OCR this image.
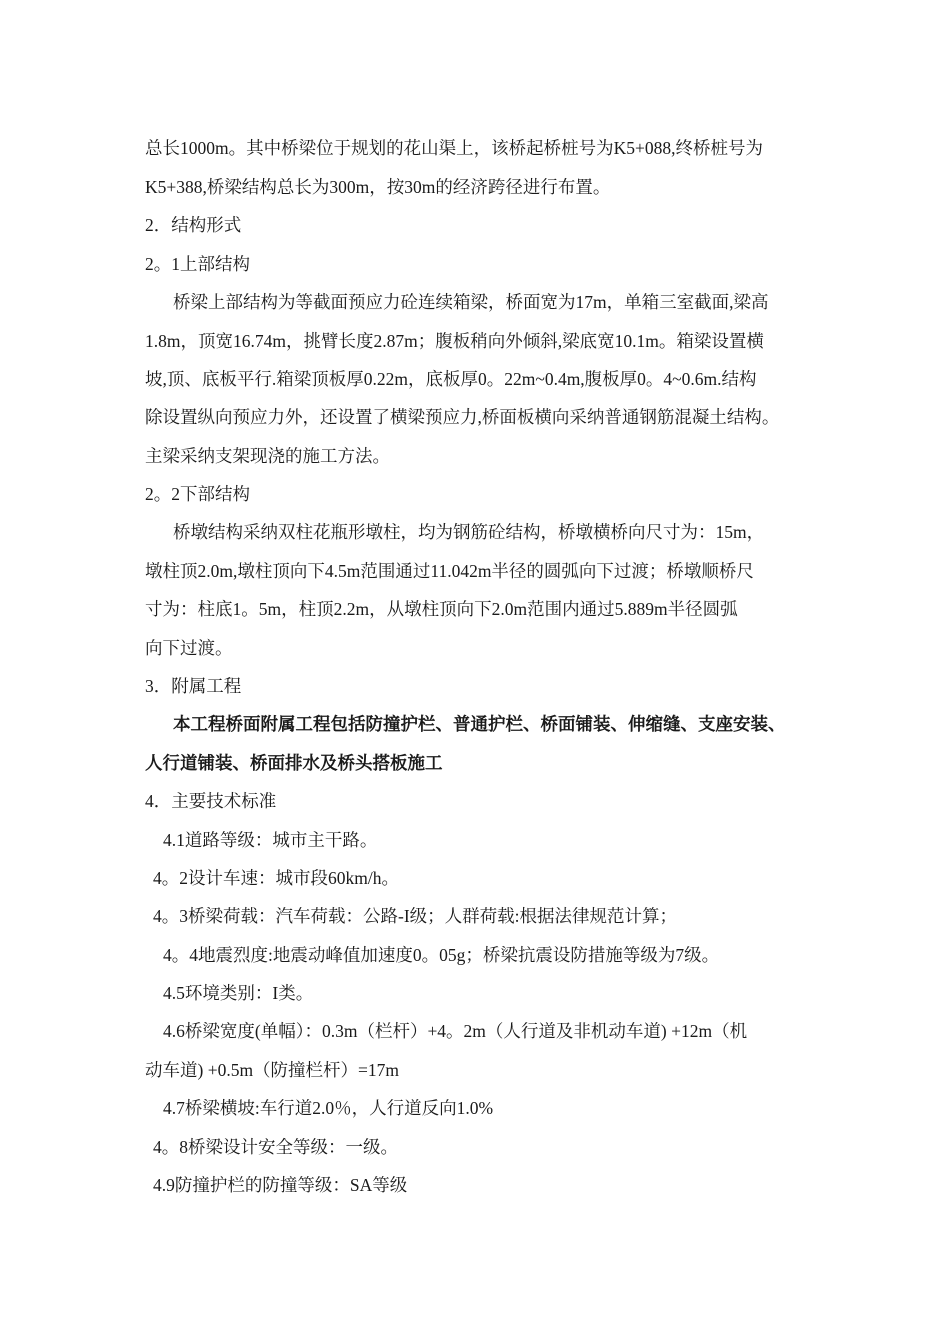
总长1000m。其中桥梁位于规划的花山渠上，该桥起桥桩号为K5+088,终桥桩号为
K5+388,桥梁结构总长为300m，按30m的经济跨径进行布置。
2．结构形式
2。1上部结构
桥梁上部结构为等截面预应力砼连续箱梁，桥面宽为17m，单箱三室截面,梁高
1.8m，顶宽16.74m，挑臂长度2.87m；腹板稍向外倾斜,梁底宽10.1m。箱梁设置横
坡,顶、底板平行.箱梁顶板厚0.22m，底板厚0。22m~0.4m,腹板厚0。4~0.6m.结构
除设置纵向预应力外，还设置了横梁预应力,桥面板横向采纳普通钢筋混凝土结构。
主梁采纳支架现浇的施工方法。
2。2下部结构
桥墩结构采纳双柱花瓶形墩柱，均为钢筋砼结构，桥墩横桥向尺寸为：15m，
墩柱顶2.0m,墩柱顶向下4.5m范围通过11.042m半径的圆弧向下过渡；桥墩顺桥尺
寸为：柱底1。5m，柱顶2.2m，从墩柱顶向下2.0m范围内通过5.889m半径圆弧
向下过渡。
3．附属工程
本工程桥面附属工程包括防撞护栏、普通护栏、桥面铺装、伸缩缝、支座安装、
人行道铺装、桥面排水及桥头搭板施工
4．主要技术标准
4.1道路等级：城市主干路。
4。2设计车速：城市段60km/h。
4。3桥梁荷载：汽车荷载：公路-I级；人群荷载:根据法律规范计算；
4。4地震烈度:地震动峰值加速度0。05g；桥梁抗震设防措施等级为7级。
4.5环境类别：I类。
4.6桥梁宽度(单幅）：0.3m（栏杆）+4。2m（人行道及非机动车道) +12m（机
动车道) +0.5m（防撞栏杆）=17m
4.7桥梁横坡:车行道2.0％，人行道反向1.0%
4。8桥梁设计安全等级：一级。
4.9防撞护栏的防撞等级：SA等级
